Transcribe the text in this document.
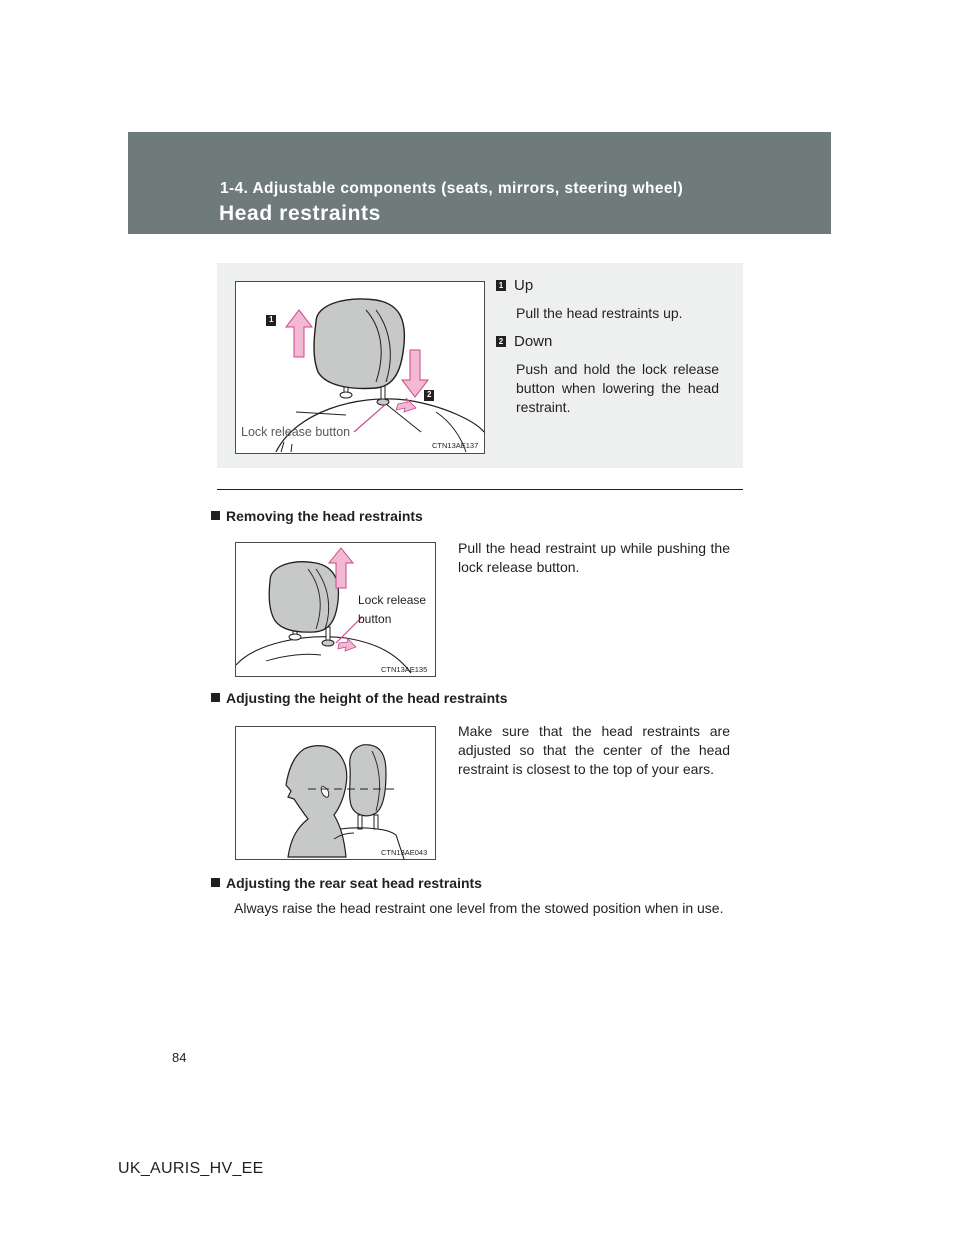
1-4. Adjustable components (seats, mirrors, steering wheel)
Head restraints
1
2
Lock release button
CTN13AE137
1 Up
Pull the head restraints up.
2 Down
Push and hold the lock release button when lowering the head restraint.
Removing the head restraints
Lock release
button
CTN13AE135
Pull the head restraint up while pushing the lock release button.
Adjusting the height of the head restraints
CTN13AE043
Make sure that the head restraints are adjusted so that the center of the head restraint is closest to the top of your ears.
Adjusting the rear seat head restraints
Always raise the head restraint one level from the stowed position when in use.
84
UK_AURIS_HV_EE
